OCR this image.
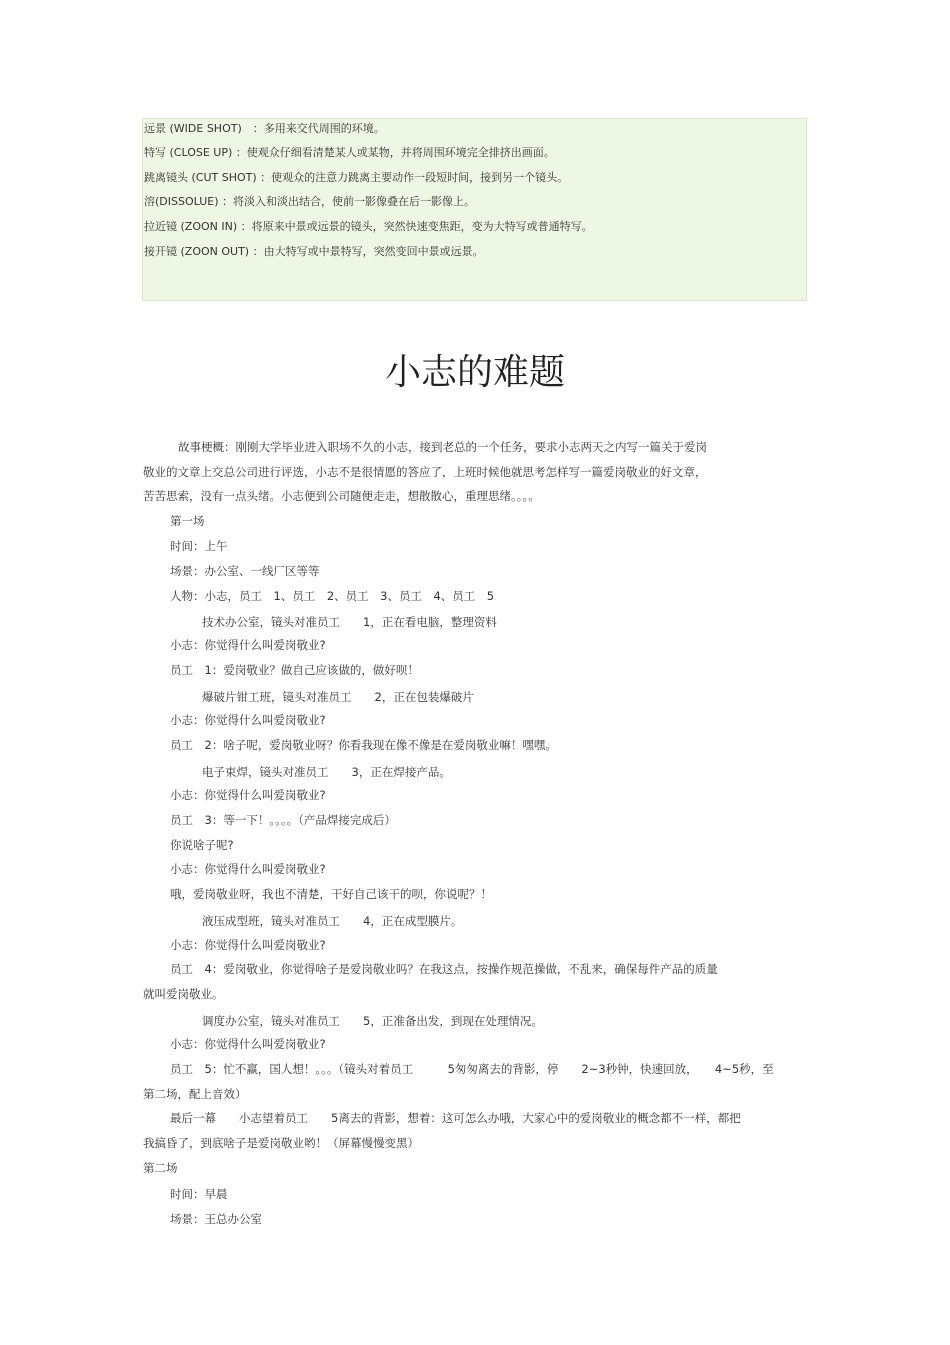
远景 (WIDE SHOT)　：多用来交代周围的环境。
特写 (CLOSE UP) ：使观众仔细看清楚某人或某物，并将周围环境完全排挤出画面。
跳离镜头 (CUT SHOT) ：使观众的注意力跳离主要动作一段短时间，接到另一个镜头。
溶(DISSOLUE) ：将淡入和淡出结合，使前一影像叠在后一影像上。
拉近镜 (ZOON IN) ：将原来中景或远景的镜头，突然快速变焦距，变为大特写或普通特写。
接开镜 (ZOON OUT) ：由大特写或中景特写，突然变回中景或远景。
小志的难题
故事梗概：刚刚大学毕业进入职场不久的小志，接到老总的一个任务，要求小志两天之内写一篇关于爱岗
敬业的文章上交总公司进行评选，小志不是很情愿的答应了，上班时候他就思考怎样写一篇爱岗敬业的好文章，
苦苦思索，没有一点头绪。小志便到公司随便走走，想散散心，重理思绪。。。。
第一场
时间：上午
场景：办公室、一线厂区等等
人物：小志，员工　1、员工　2、员工　3、员工　4、员工　5
技术办公室，镜头对准员工　　1，正在看电脑，整理资料
小志：你觉得什么叫爱岗敬业?
员工　1：爱岗敬业？做自己应该做的，做好呗！
爆破片钳工班，镜头对准员工　　2，正在包装爆破片
小志：你觉得什么叫爱岗敬业?
员工　2：啥子呢，爱岗敬业呀？你看我现在像不像是在爱岗敬业嘛！嘿嘿。
电子束焊，镜头对准员工　　3，正在焊接产品。
小志：你觉得什么叫爱岗敬业?
员工　3：等一下！。。。。（产品焊接完成后）
你说啥子呢?
小志：你觉得什么叫爱岗敬业?
哦，爱岗敬业呀，我也不清楚，干好自己该干的呗，你说呢？！
液压成型班，镜头对准员工　　4，正在成型膜片。
小志：你觉得什么叫爱岗敬业?
员工　4：爱岗敬业，你觉得啥子是爱岗敬业吗？在我这点，按操作规范操做，不乱来，确保每件产品的质量
就叫爱岗敬业。
调度办公室，镜头对准员工　　5，正准备出发，到现在处理情况。
小志：你觉得什么叫爱岗敬业?
员工　5：忙不赢，国人想！。。。（镜头对着员工　　　5匆匆离去的背影，停　　2~3秒钟，快速回放，　　4~5秒，至
第二场，配上音效）
最后一幕　　小志望着员工　　5离去的背影，想着：这可怎么办哦，大家心中的爱岗敬业的概念都不一样，都把
我搞昏了，到底啥子是爱岗敬业哟！（屏幕慢慢变黑）
第二场
时间：早晨
场景：王总办公室
